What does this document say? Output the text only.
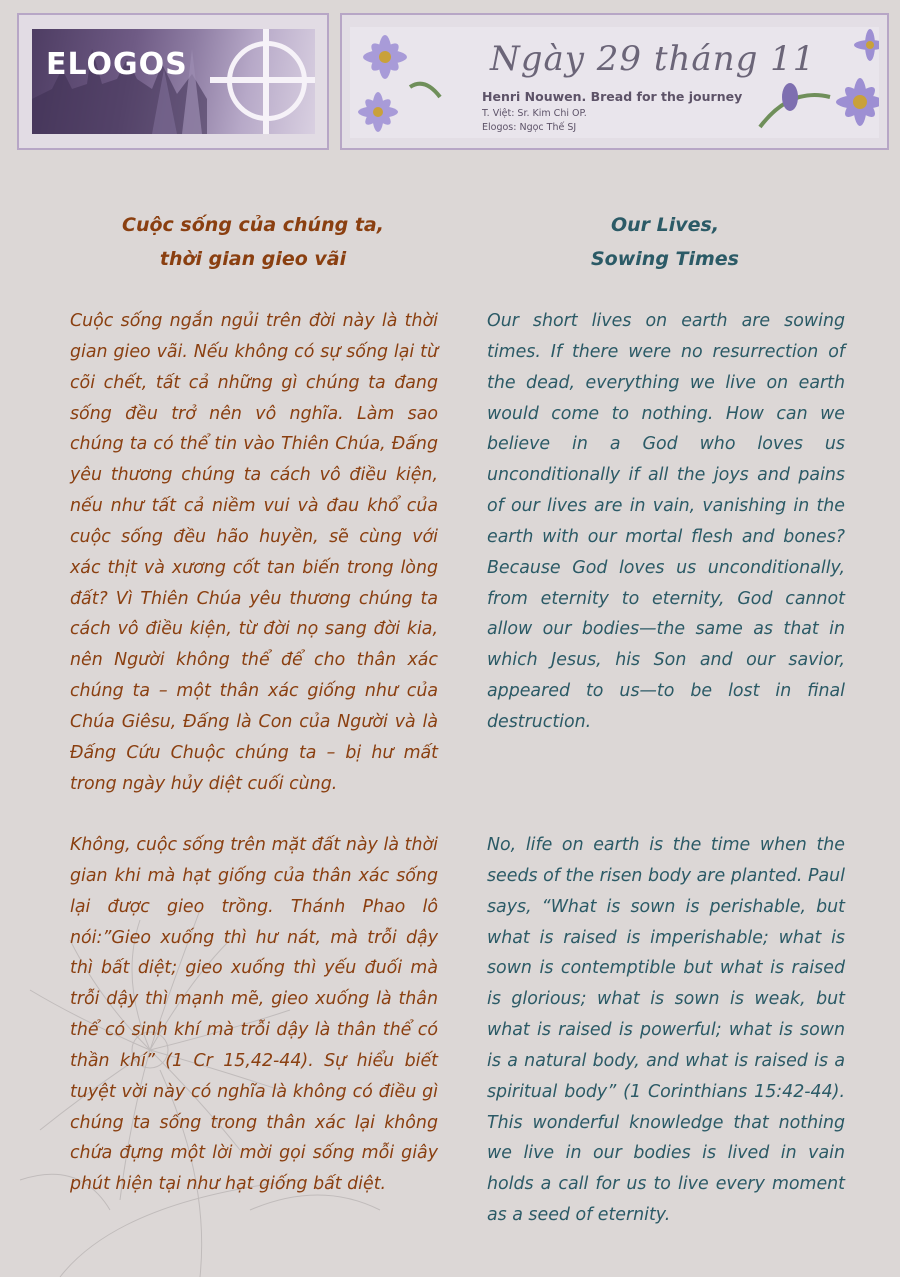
ELOGOS	Ngày 29 tháng 11
Henri Nouwen. Bread for the journey
T. Việt: Sr. Kim Chi OP.
Elogos: Ngọc Thế SJ
Cuộc sống của chúng ta,
thời gian gieo vãi

Cuộc sống ngắn ngủi trên đời này là thời gian gieo vãi. Nếu không có sự sống lại từ cõi chết, tất cả những gì chúng ta đang sống đều trở nên vô nghĩa. Làm sao chúng ta có thể tin vào Thiên Chúa, Đấng yêu thương chúng ta cách vô điều kiện, nếu như tất cả niềm vui và đau khổ của cuộc sống đều hão huyền, sẽ cùng với xác thịt và xương cốt tan biến trong lòng đất? Vì Thiên Chúa yêu thương chúng ta cách vô điều kiện, từ đời nọ sang đời kia, nên Người không thể để cho thân xác chúng ta – một thân xác giống như của Chúa Giêsu, Đấng là Con của Người và là Đấng Cứu Chuộc chúng ta – bị hư mất trong ngày hủy diệt cuối cùng.

Không, cuộc sống trên mặt đất này là thời gian khi mà hạt giống của thân xác sống lại được gieo trồng. Thánh Phao lô nói:”Gieo xuống thì hư nát, mà trỗi dậy thì bất diệt; gieo xuống thì yếu đuối mà trỗi dậy thì mạnh mẽ, gieo xuống là thân thể có sinh khí mà trỗi dậy là thân thể có thần khí” (1 Cr 15,42-44). Sự hiểu biết tuyệt vời này có nghĩa là không có điều gì chúng ta sống trong thân xác lại không chứa đựng một lời mời gọi sống mỗi giây phút hiện tại như hạt giống bất diệt.

Our Lives,
Sowing Times

Our short lives on earth are sowing times. If there were no resurrection of the dead, everything we live on earth would come to nothing. How can we believe in a God who loves us unconditionally if all the joys and pains of our lives are in vain, vanishing in the earth with our mortal flesh and bones? Because God loves us unconditionally, from eternity to eternity, God cannot allow our bodies—the same as that in which Jesus, his Son and our savior, appeared to us—to be lost in final destruction.

No, life on earth is the time when the seeds of the risen body are planted. Paul says, “What is sown is perishable, but what is raised is imperishable; what is sown is contemptible but what is raised is glorious; what is sown is weak, but what is raised is powerful; what is sown is a natural body, and what is raised is a spiritual body” (1 Corinthians 15:42-44). This wonderful knowledge that nothing we live in our bodies is lived in vain holds a call for us to live every moment as a seed of eternity.
